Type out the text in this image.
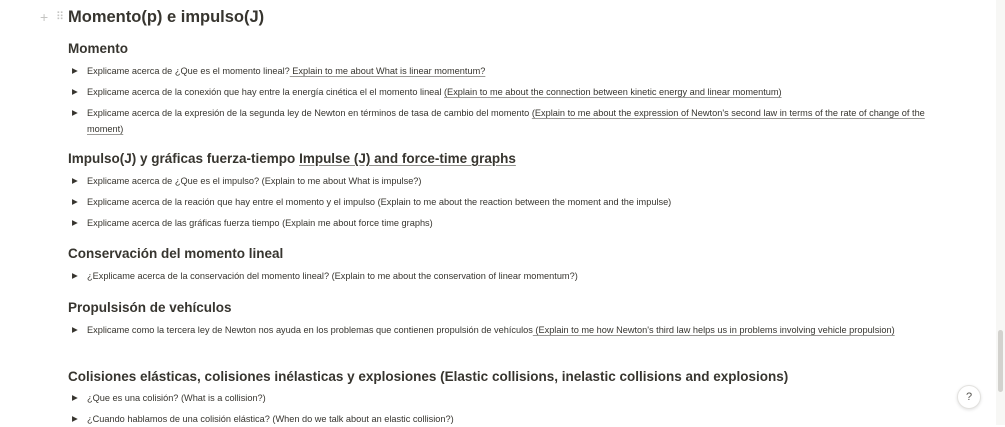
+ ⠿ Momento(p) e impulso(J)
Momento
▶	Explicame acerca de ¿Que es el momento lineal? Explain to me about What is linear momentum?
▶	Explicame acerca de la conexión que hay entre la energía cinética el el momento lineal (Explain to me about the connection between kinetic energy and linear momentum)
▶	Explicame acerca de la expresión de la segunda ley de Newton en términos de tasa de cambio del momento (Explain to me about the expression of Newton's second law in terms of the rate of change of the moment)
Impulso(J) y gráficas fuerza-tiempo Impulse (J) and force-time graphs
▶	Explicame acerca de ¿Que es el impulso? (Explain to me about What is impulse?)
▶	Explicame acerca de la reación que hay entre el momento y el impulso (Explain to me about the reaction between the moment and the impulse)
▶	Explicame acerca de las gráficas fuerza tiempo (Explain me about force time graphs)
Conservación del momento lineal
▶	¿Explicame acerca de la conservación del momento lineal? (Explain to me about the conservation of linear momentum?)
Propulsisón de vehículos
▶	Explicame como la tercera ley de Newton nos ayuda en los problemas que contienen propulsión de vehículos (Explain to me how Newton's third law helps us in problems involving vehicle propulsion)
Colisiones elásticas, colisiones inélasticas y explosiones (Elastic collisions, inelastic collisions and explosions)
▶	¿Que es una colisión? (What is a collision?)
▶	¿Cuando hablamos de una colisión elástica? (When do we talk about an elastic collision?)
?
